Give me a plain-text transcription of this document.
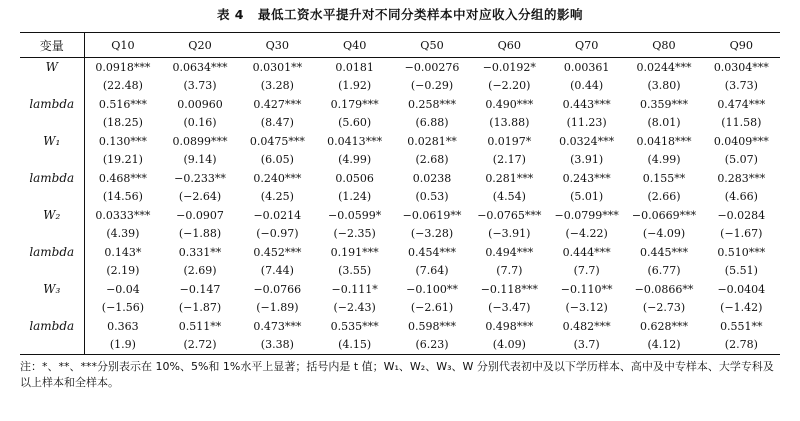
表 4 最低工资水平提升对不同分类样本中对应收入分组的影响
变量	Q10	Q20	Q30	Q40	Q50	Q60	Q70	Q80	Q90
W	0.0918***	0.0634***	0.0301**	0.0181	−0.00276	−0.0192*	0.00361	0.0244***	0.0304***
	(22.48)	(3.73)	(3.28)	(1.92)	(−0.29)	(−2.20)	(0.44)	(3.80)	(3.73)
lambda	0.516***	0.00960	0.427***	0.179***	0.258***	0.490***	0.443***	0.359***	0.474***
	(18.25)	(0.16)	(8.47)	(5.60)	(6.88)	(13.88)	(11.23)	(8.01)	(11.58)
W₁	0.130***	0.0899***	0.0475***	0.0413***	0.0281**	0.0197*	0.0324***	0.0418***	0.0409***
	(19.21)	(9.14)	(6.05)	(4.99)	(2.68)	(2.17)	(3.91)	(4.99)	(5.07)
lambda	0.468***	−0.233**	0.240***	0.0506	0.0238	0.281***	0.243***	0.155**	0.283***
	(14.56)	(−2.64)	(4.25)	(1.24)	(0.53)	(4.54)	(5.01)	(2.66)	(4.66)
W₂	0.0333***	−0.0907	−0.0214	−0.0599*	−0.0619**	−0.0765***	−0.0799***	−0.0669***	−0.0284
	(4.39)	(−1.88)	(−0.97)	(−2.35)	(−3.28)	(−3.91)	(−4.22)	(−4.09)	(−1.67)
lambda	0.143*	0.331**	0.452***	0.191***	0.454***	0.494***	0.444***	0.445***	0.510***
	(2.19)	(2.69)	(7.44)	(3.55)	(7.64)	(7.7)	(7.7)	(6.77)	(5.51)
W₃	−0.04	−0.147	−0.0766	−0.111*	−0.100**	−0.118***	−0.110**	−0.0866**	−0.0404
	(−1.56)	(−1.87)	(−1.89)	(−2.43)	(−2.61)	(−3.47)	(−3.12)	(−2.73)	(−1.42)
lambda	0.363	0.511**	0.473***	0.535***	0.598***	0.498***	0.482***	0.628***	0.551**
	(1.9)	(2.72)	(3.38)	(4.15)	(6.23)	(4.09)	(3.7)	(4.12)	(2.78)
注：*、**、***分别表示在 10%、5%和 1%水平上显著；括号内是 t 值；W₁、W₂、W₃、W 分别代表初中及以下学历样本、高中及中专样本、大学专科及以上样本和全样本。
